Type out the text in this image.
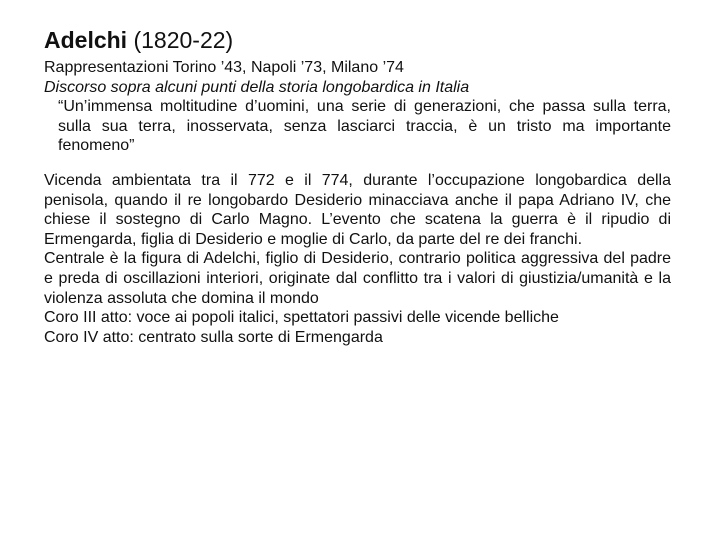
Adelchi (1820-22)

Rappresentazioni Torino ’43, Napoli ’73, Milano ’74

Discorso sopra alcuni punti della storia longobardica in Italia

“Un’immensa moltitudine d’uomini, una serie di generazioni, che passa sulla terra, sulla sua terra, inosservata, senza lasciarci traccia, è un tristo ma importante fenomeno”

Vicenda ambientata tra il 772 e il 774, durante l’occupazione longobardica della penisola, quando il re longobardo Desiderio minacciava anche il papa Adriano IV, che chiese il sostegno di Carlo Magno. L’evento che scatena la guerra è il ripudio di Ermengarda, figlia di Desiderio e moglie di Carlo, da parte del re dei franchi.

Centrale è la figura di Adelchi, figlio di Desiderio, contrario politica aggressiva del padre e preda di oscillazioni interiori, originate dal conflitto tra i valori di giustizia/umanità e la violenza assoluta che domina il mondo

Coro III atto: voce ai popoli italici, spettatori passivi delle vicende belliche

Coro IV atto: centrato sulla sorte di Ermengarda
